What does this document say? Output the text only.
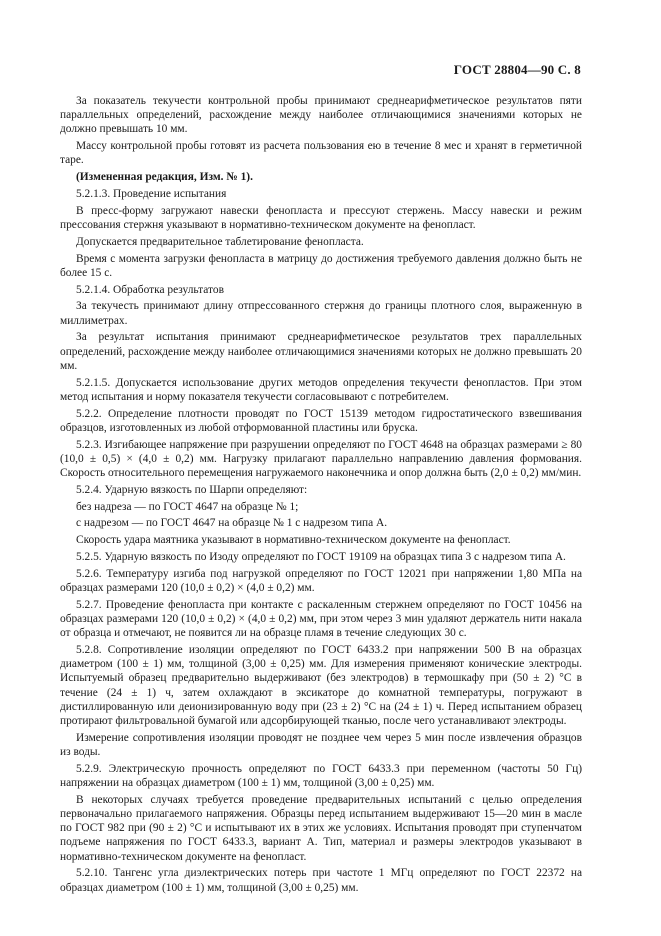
ГОСТ 28804—90 С. 8

За показатель текучести контрольной пробы принимают среднеарифметическое результатов пяти параллельных определений, расхождение между наиболее отличающимися значениями которых не должно превышать 10 мм.

Массу контрольной пробы готовят из расчета пользования ею в течение 8 мес и хранят в герметичной таре.

(Измененная редакция, Изм. № 1).

5.2.1.3. Проведение испытания

В пресс-форму загружают навески фенопласта и прессуют стержень. Массу навески и режим прессования стержня указывают в нормативно-техническом документе на фенопласт.

Допускается предварительное таблетирование фенопласта.

Время с момента загрузки фенопласта в матрицу до достижения требуемого давления должно быть не более 15 с.

5.2.1.4. Обработка результатов

За текучесть принимают длину отпрессованного стержня до границы плотного слоя, выраженную в миллиметрах.

За результат испытания принимают среднеарифметическое результатов трех параллельных определений, расхождение между наиболее отличающимися значениями которых не должно превышать 20 мм.

5.2.1.5. Допускается использование других методов определения текучести фенопластов. При этом метод испытания и норму показателя текучести согласовывают с потребителем.

5.2.2. Определение плотности проводят по ГОСТ 15139 методом гидростатического взвешивания образцов, изготовленных из любой отформованной пластины или бруска.

5.2.3. Изгибающее напряжение при разрушении определяют по ГОСТ 4648 на образцах размерами ≥ 80 (10,0 ± 0,5) × (4,0 ± 0,2) мм. Нагрузку прилагают параллельно направлению давления формования. Скорость относительного перемещения нагружаемого наконечника и опор должна быть (2,0 ± 0,2) мм/мин.

5.2.4. Ударную вязкость по Шарпи определяют:

без надреза — по ГОСТ 4647 на образце № 1;

с надрезом — по ГОСТ 4647 на образце № 1 с надрезом типа А.

Скорость удара маятника указывают в нормативно-техническом документе на фенопласт.

5.2.5. Ударную вязкость по Изоду определяют по ГОСТ 19109 на образцах типа 3 с надрезом типа А.

5.2.6. Температуру изгиба под нагрузкой определяют по ГОСТ 12021 при напряжении 1,80 МПа на образцах размерами 120 (10,0 ± 0,2) × (4,0 ± 0,2) мм.

5.2.7. Проведение фенопласта при контакте с раскаленным стержнем определяют по ГОСТ 10456 на образцах размерами 120 (10,0 ± 0,2) × (4,0 ± 0,2) мм, при этом через 3 мин удаляют держатель нити накала от образца и отмечают, не появится ли на образце пламя в течение следующих 30 с.

5.2.8. Сопротивление изоляции определяют по ГОСТ 6433.2 при напряжении 500 В на образцах диаметром (100 ± 1) мм, толщиной (3,00 ± 0,25) мм. Для измерения применяют конические электроды. Испытуемый образец предварительно выдерживают (без электродов) в термошкафу при (50 ± 2) °С в течение (24 ± 1) ч, затем охлаждают в эксикаторе до комнатной температуры, погружают в дистиллированную или деионизированную воду при (23 ± 2) °С на (24 ± 1) ч. Перед испытанием образец протирают фильтровальной бумагой или адсорбирующей тканью, после чего устанавливают электроды.

Измерение сопротивления изоляции проводят не позднее чем через 5 мин после извлечения образцов из воды.

5.2.9. Электрическую прочность определяют по ГОСТ 6433.3 при переменном (частоты 50 Гц) напряжении на образцах диаметром (100 ± 1) мм, толщиной (3,00 ± 0,25) мм.

В некоторых случаях требуется проведение предварительных испытаний с целью определения первоначально прилагаемого напряжения. Образцы перед испытанием выдерживают 15—20 мин в масле по ГОСТ 982 при (90 ± 2) °С и испытывают их в этих же условиях. Испытания проводят при ступенчатом подъеме напряжения по ГОСТ 6433.3, вариант А. Тип, материал и размеры электродов указывают в нормативно-техническом документе на фенопласт.

5.2.10. Тангенс угла диэлектрических потерь при частоте 1 МГц определяют по ГОСТ 22372 на образцах диаметром (100 ± 1) мм, толщиной (3,00 ± 0,25) мм.
